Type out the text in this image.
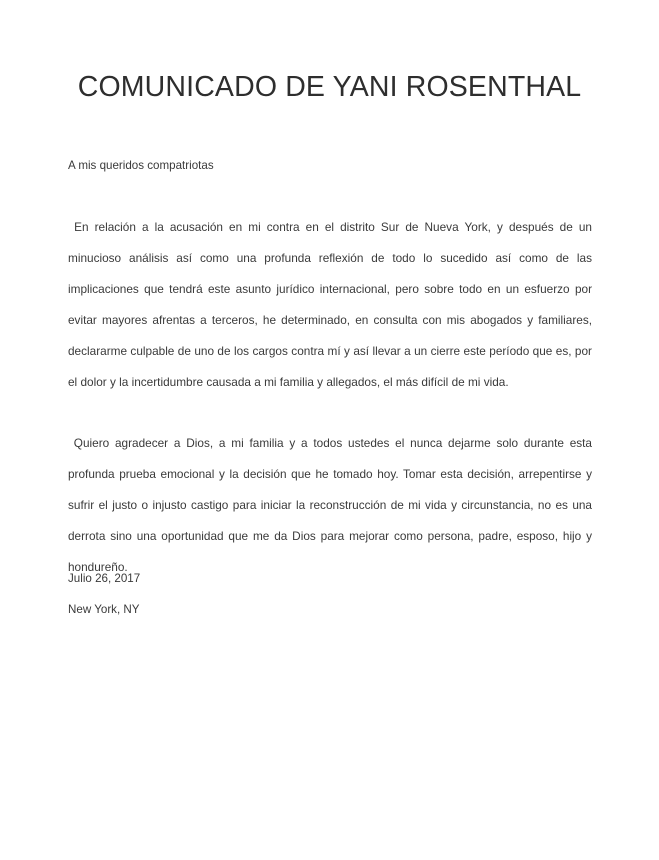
COMUNICADO DE YANI ROSENTHAL

A mis queridos compatriotas

En relación a la acusación en mi contra en el distrito Sur de Nueva York, y después de un minucioso análisis así como una profunda reflexión de todo lo sucedido así como de las implicaciones que tendrá este asunto jurídico internacional, pero sobre todo en un esfuerzo por evitar mayores afrentas a terceros, he determinado, en consulta con mis abogados y familiares, declararme culpable de uno de los cargos contra mí y así llevar a un cierre este período que es, por el dolor y la incertidumbre causada a mi familia y allegados, el más difícil de mi vida.

Quiero agradecer a Dios, a mi familia y a todos ustedes el nunca dejarme solo durante esta profunda prueba emocional y la decisión que he tomado hoy. Tomar esta decisión, arrepentirse y sufrir el justo o injusto castigo para iniciar la reconstrucción de mi vida y circunstancia, no es una derrota sino una oportunidad que me da Dios para mejorar como persona, padre, esposo, hijo y hondureño.

Julio 26, 2017

New York, NY
